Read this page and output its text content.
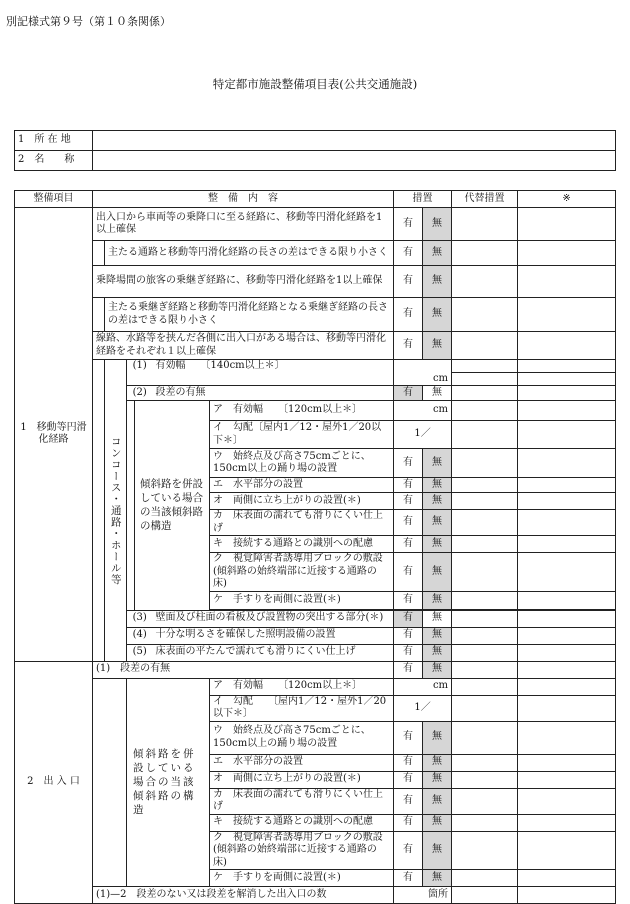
別記様式第９号（第１０条関係）
特定都市施設整備項目表(公共交通施設)
1　所 在 地	
2　名　　称	
整備項目	整　備　内　容						措置		代替措置	※
1　移動等円滑化経路	出入口から車両等の乗降口に至る経路に、移動等円滑化経路を1以上確保						有	無		
		主たる通路と移動等円滑化経路の長さの差はできる限り小さく					有	無		
	乗降場間の旅客の乗継ぎ経路に、移動等円滑化経路を1以上確保						有	無		
		主たる乗継ぎ経路と移動等円滑化経路となる乗継ぎ経路の長さの差はできる限り小さく					有	無		
	線路、水路等を挟んだ各側に出入口がある場合は、移動等円滑化経路をそれぞれ１以上確保						有	無		
		コンコース・通路・ホール等	(1)		有効幅　　〔140cm以上＊〕					
							cm			
			(2)		段差の有無		有	無		
				傾斜路を併設している場合の当該傾斜路の構造		ア　有効幅　　〔120cm以上＊〕	cm			
						イ　勾配〔屋内1／12・屋外1／20以下＊〕	1／			
						ウ　始終点及び高さ75cmごとに、150cm以上の踊り場の設置	有	無		
						エ　水平部分の設置	有	無		
						オ　両側に立ち上がりの設置(＊)	有	無		
						カ　床表面の濡れても滑りにくい仕上げ	有	無		
						キ　接続する通路との識別への配慮	有	無		
						ク　視覚障害者誘導用ブロックの敷設(傾斜路の始終端部に近接する通路の床)	有	無		
						ケ　手すりを両側に設置(＊)	有	無		

			(3)		壁面及び柱面の看板及び設置物の突出する部分(＊)		有	無		
			(4)		十分な明るさを確保した照明設備の設置		有	無		
			(5)		床表面の平たんで濡れても滑りにくい仕上げ		有	無		
2　出 入 口	(1)　段差の有無						有	無		
			傾斜路を併設している場合の当該傾斜路の構造			ア　有効幅　　〔120cm以上＊〕	cm			
						イ　勾配　　〔屋内1／12・屋外1／20以下＊〕	1／			
						ウ　始終点及び高さ75cmごとに、150cm以上の踊り場の設置	有	無		
						エ　水平部分の設置	有	無		
						オ　両側に立ち上がりの設置(＊)	有	無		
						カ　床表面の濡れても滑りにくい仕上げ	有	無		
						キ　接続する通路との識別への配慮	有	無		
						ク　視覚障害者誘導用ブロックの敷設(傾斜路の始終端部に近接する通路の床)	有	無		
						ケ　手すりを両側に設置(＊)	有	無		
	(1)—2　段差のない又は段差を解消した出入口の数						箇所			
